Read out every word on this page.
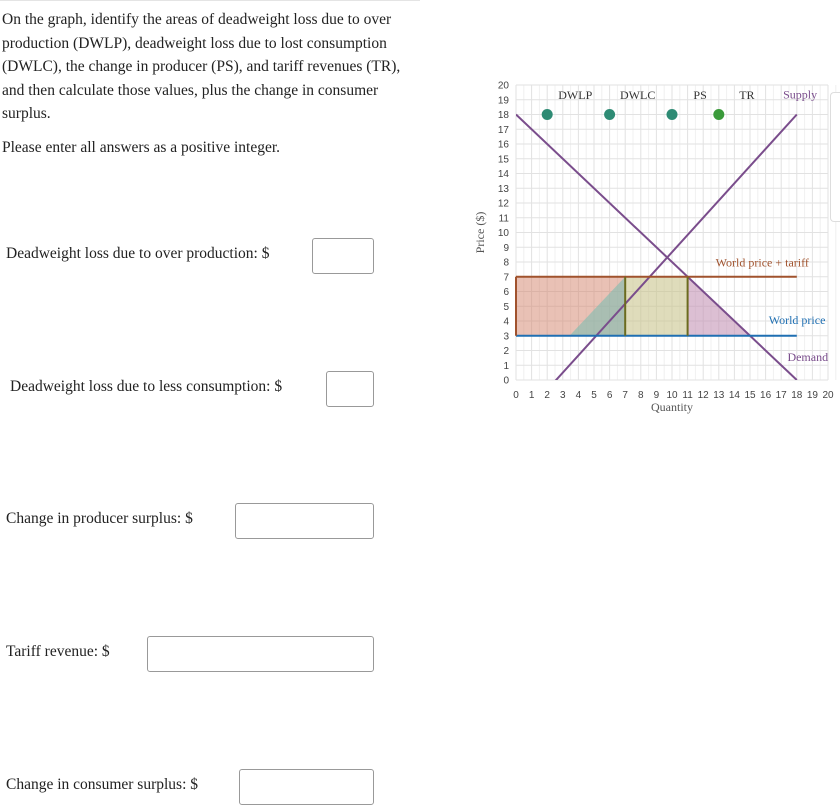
On the graph, identify the areas of deadweight loss due to over production (DWLP), deadweight loss due to lost consumption (DWLC), the change in producer (PS), and tariff revenues (TR), and then calculate those values, plus the change in consumer surplus.

Please enter all answers as a positive integer.

Deadweight loss due to over production: $
Deadweight loss due to less consumption: $
Change in producer surplus: $
Tariff revenue: $
Change in consumer surplus: $
0
1
2
3
4
5
6
7
8
9
10
11
12
13
14
15
16
17
18
19
20
0 1 2 3 4 5 6 7 8 9 10 11 12 13 14 15 16 17 18 19 20
Quantity
Price ($)
Supply
World price + tariff
World price
Demand
DWLP DWLC	PS	TR
